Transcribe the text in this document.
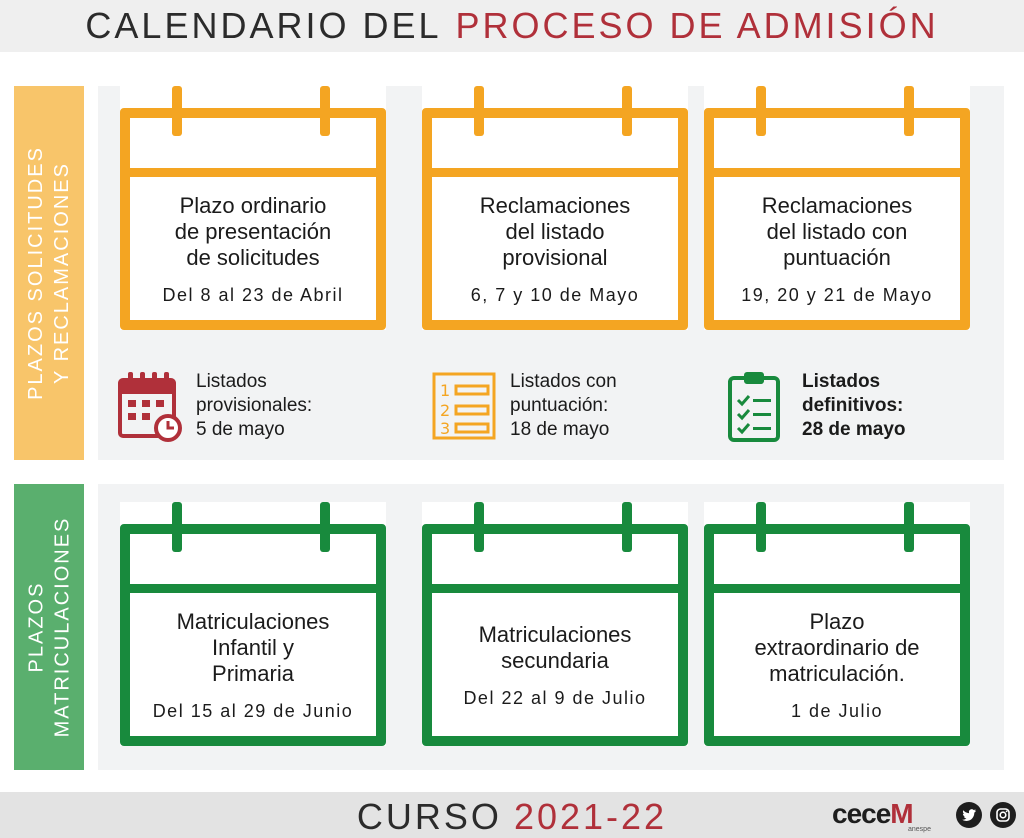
CALENDARIO DEL PROCESO DE ADMISIÓN
PLAZOS SOLICITUDES Y RECLAMACIONES	Plazo ordinario
de presentación
de solicitudes
Del 8 al 23 de Abril
Reclamaciones
del listado
provisional
6, 7 y 10 de Mayo
Reclamaciones
del listado con
puntuación
19, 20 y 21 de Mayo
Listados
provisionales:
5 de mayo
1
2
3
Listados con
puntuación:
18 de mayo
Listados
definitivos:
28 de mayo
PLAZOS MATRICULACIONES	Matriculaciones
Infantil y
Primaria
Del 15 al 29 de Junio
Matriculaciones
secundaria
Del 22 al 9 de Julio
Plazo
extraordinario de
matriculación.
1 de Julio
CURSO 2021-22	ceceM
anespe
